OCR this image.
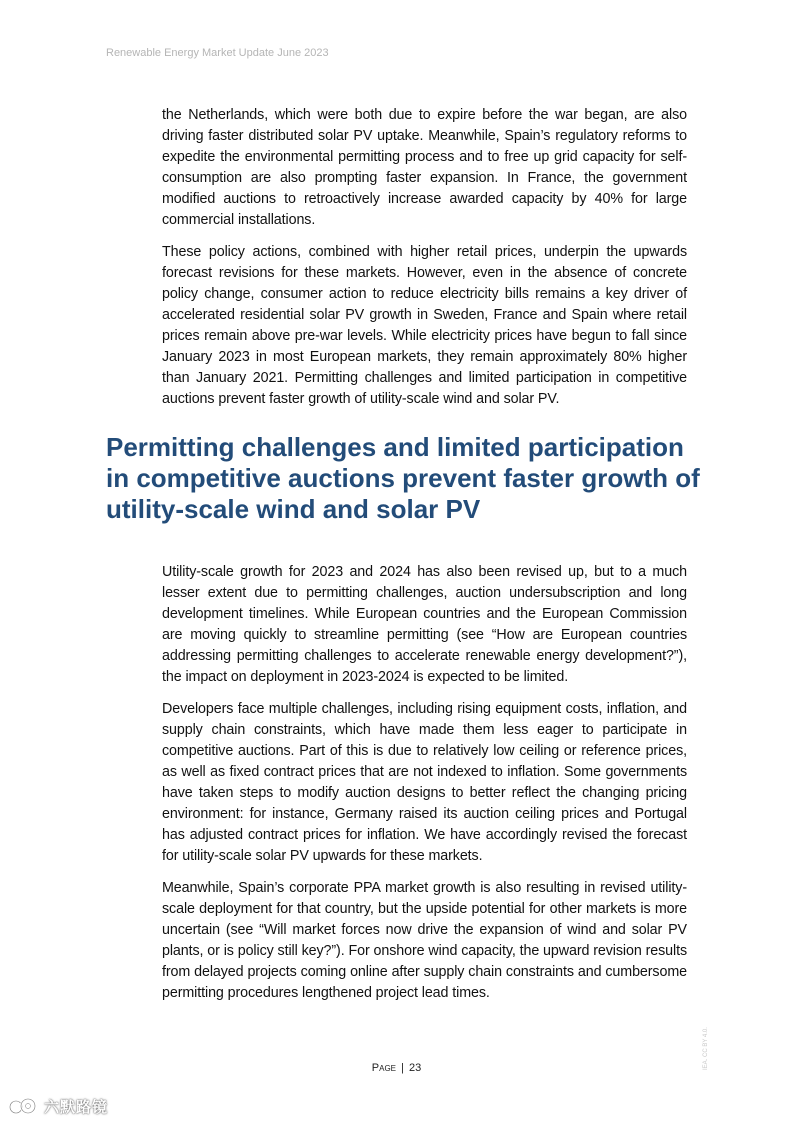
Renewable Energy Market Update June 2023

the Netherlands, which were both due to expire before the war began, are also driving faster distributed solar PV uptake. Meanwhile, Spain’s regulatory reforms to expedite the environmental permitting process and to free up grid capacity for self-consumption are also prompting faster expansion. In France, the government modified auctions to retroactively increase awarded capacity by 40% for large commercial installations.

These policy actions, combined with higher retail prices, underpin the upwards forecast revisions for these markets. However, even in the absence of concrete policy change, consumer action to reduce electricity bills remains a key driver of accelerated residential solar PV growth in Sweden, France and Spain where retail prices remain above pre-war levels. While electricity prices have begun to fall since January 2023 in most European markets, they remain approximately 80% higher than January 2021. Permitting challenges and limited participation in competitive auctions prevent faster growth of utility-scale wind and solar PV.

Permitting challenges and limited participation in competitive auctions prevent faster growth of utility-scale wind and solar PV

Utility-scale growth for 2023 and 2024 has also been revised up, but to a much lesser extent due to permitting challenges, auction undersubscription and long development timelines. While European countries and the European Commission are moving quickly to streamline permitting (see “How are European countries addressing permitting challenges to accelerate renewable energy development?”), the impact on deployment in 2023-2024 is expected to be limited.

Developers face multiple challenges, including rising equipment costs, inflation, and supply chain constraints, which have made them less eager to participate in competitive auctions. Part of this is due to relatively low ceiling or reference prices, as well as fixed contract prices that are not indexed to inflation. Some governments have taken steps to modify auction designs to better reflect the changing pricing environment: for instance, Germany raised its auction ceiling prices and Portugal has adjusted contract prices for inflation. We have accordingly revised the forecast for utility-scale solar PV upwards for these markets.

Meanwhile, Spain’s corporate PPA market growth is also resulting in revised utility-scale deployment for that country, but the upside potential for other markets is more uncertain (see “Will market forces now drive the expansion of wind and solar PV plants, or is policy still key?”). For onshore wind capacity, the upward revision results from delayed projects coming online after supply chain constraints and cumbersome permitting procedures lengthened project lead times.

Page | 23	IEA. CC BY 4.0.
六默路镜
